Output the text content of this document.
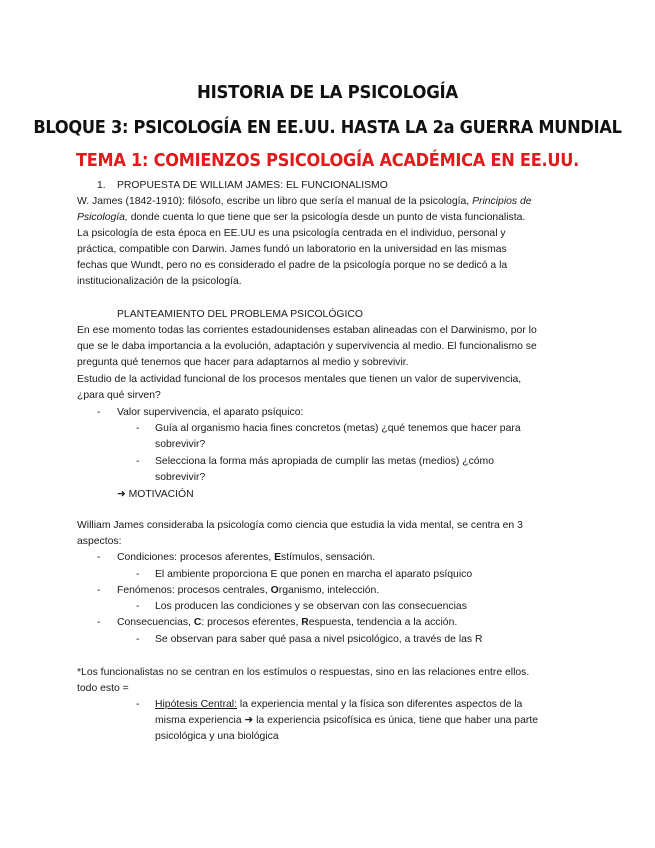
HISTORIA DE LA PSICOLOGÍA
BLOQUE 3: PSICOLOGÍA EN EE.UU. HASTA LA 2a GUERRA MUNDIAL
TEMA 1: COMIENZOS PSICOLOGÍA ACADÉMICA EN EE.UU.
1. PROPUESTA DE WILLIAM JAMES: EL FUNCIONALISMO
W. James (1842-1910): filósofo, escribe un libro que sería el manual de la psicología, Principios de
Psicología, donde cuenta lo que tiene que ser la psicología desde un punto de vista funcionalista.
La psicología de esta época en EE.UU es una psicología centrada en el individuo, personal y
práctica, compatible con Darwin. James fundó un laboratorio en la universidad en las mismas
fechas que Wundt, pero no es considerado el padre de la psicología porque no se dedicó a la
institucionalización de la psicología.
PLANTEAMIENTO DEL PROBLEMA PSICOLÓGICO
En ese momento todas las corrientes estadounidenses estaban alineadas con el Darwinismo, por lo
que se le daba importancia a la evolución, adaptación y supervivencia al medio. El funcionalismo se
pregunta qué tenemos que hacer para adaptarnos al medio y sobrevivir.
Estudio de la actividad funcional de los procesos mentales que tienen un valor de supervivencia,
¿para qué sirven?
- Valor supervivencia, el aparato psíquico:
- Guía al organismo hacia fines concretos (metas) ¿qué tenemos que hacer para
sobrevivir?
- Selecciona la forma más apropiada de cumplir las metas (medios) ¿cómo
sobrevivir?
➜ MOTIVACIÓN
William James consideraba la psicología como ciencia que estudia la vida mental, se centra en 3
aspectos:
- Condiciones: procesos aferentes, Estímulos, sensación.
- El ambiente proporciona E que ponen en marcha el aparato psíquico
- Fenómenos: procesos centrales, Organismo, intelección.
- Los producen las condiciones y se observan con las consecuencias
- Consecuencias, C: procesos eferentes, Respuesta, tendencia a la acción.
- Se observan para saber qué pasa a nivel psicológico, a través de las R
*Los funcionalistas no se centran en los estímulos o respuestas, sino en las relaciones entre ellos.
todo esto =
- Hipótesis Central: la experiencia mental y la física son diferentes aspectos de la
misma experiencia ➜ la experiencia psicofísica es única, tiene que haber una parte
psicológica y una biológica
